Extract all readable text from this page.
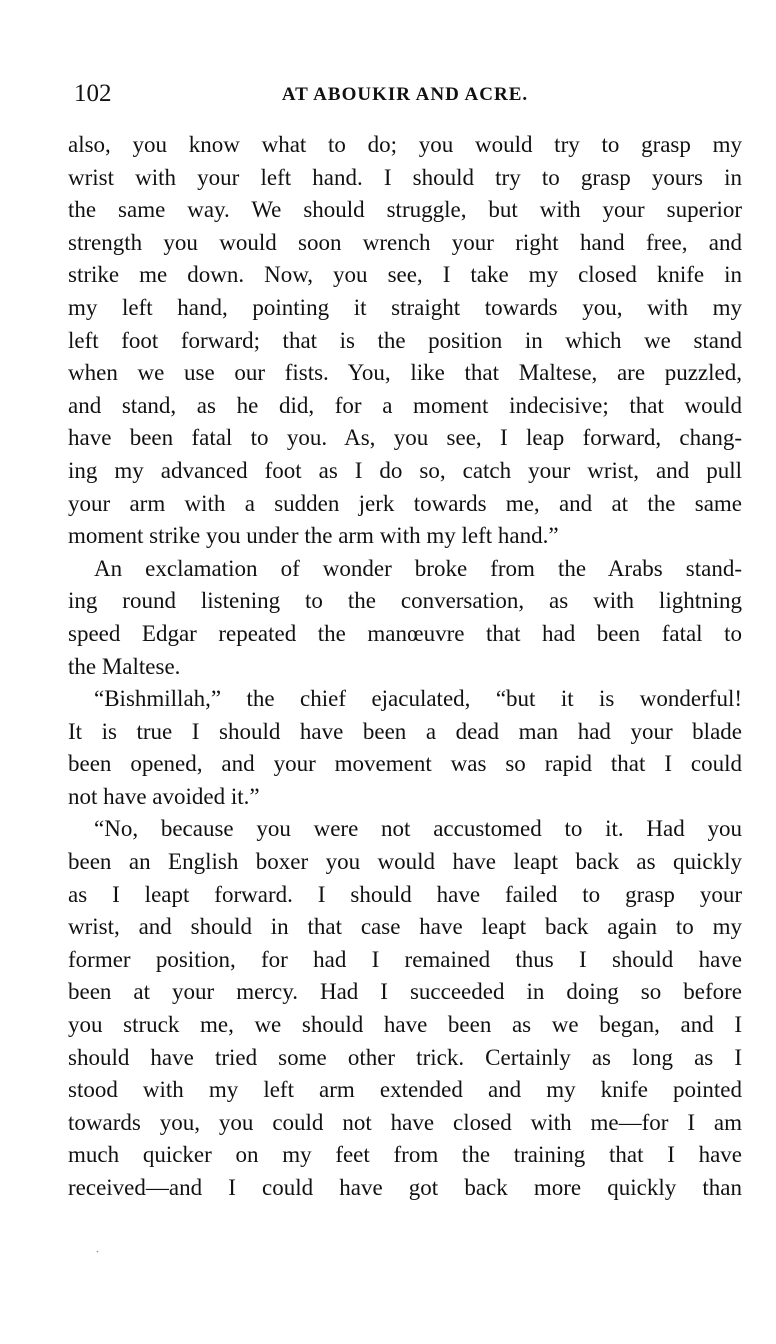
102	AT ABOUKIR AND ACRE.
also, you know what to do; you would try to grasp my
wrist with your left hand. I should try to grasp yours in
the same way. We should struggle, but with your superior
strength you would soon wrench your right hand free, and
strike me down. Now, you see, I take my closed knife in
my left hand, pointing it straight towards you, with my
left foot forward; that is the position in which we stand
when we use our fists. You, like that Maltese, are puzzled,
and stand, as he did, for a moment indecisive; that would
have been fatal to you. As, you see, I leap forward, chang-
ing my advanced foot as I do so, catch your wrist, and pull
your arm with a sudden jerk towards me, and at the same
moment strike you under the arm with my left hand.”
An exclamation of wonder broke from the Arabs stand-
ing round listening to the conversation, as with lightning
speed Edgar repeated the manœuvre that had been fatal to
the Maltese.
“Bishmillah,” the chief ejaculated, “but it is wonderful!
It is true I should have been a dead man had your blade
been opened, and your movement was so rapid that I could
not have avoided it.”
“No, because you were not accustomed to it. Had you
been an English boxer you would have leapt back as quickly
as I leapt forward. I should have failed to grasp your
wrist, and should in that case have leapt back again to my
former position, for had I remained thus I should have
been at your mercy. Had I succeeded in doing so before
you struck me, we should have been as we began, and I
should have tried some other trick. Certainly as long as I
stood with my left arm extended and my knife pointed
towards you, you could not have closed with me—for I am
much quicker on my feet from the training that I have
received—and I could have got back more quickly than
